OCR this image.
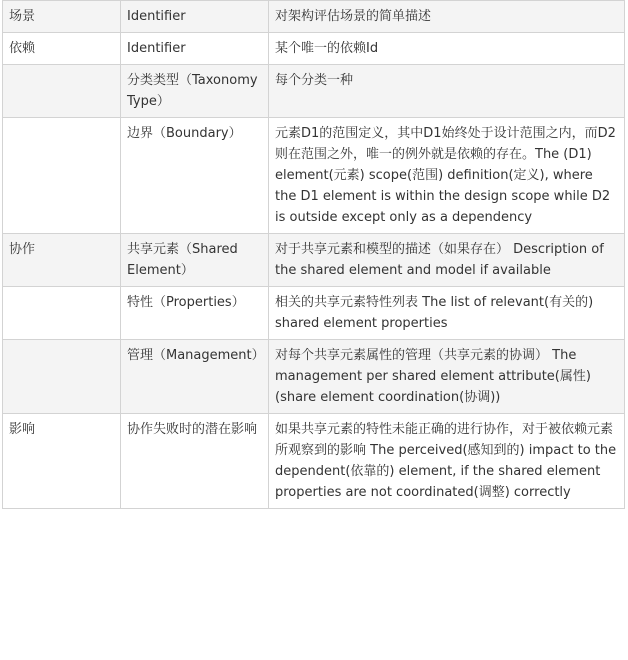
场景	Identifier	对架构评估场景的简单描述

依赖	Identifier	某个唯一的依赖Id

	分类类型（Taxonomy Type）	每个分类一种

	边界（Boundary）	元素D1的范围定义，其中D1始终处于设计范围之内，而D2则在范围之外，唯一的例外就是依赖的存在。The (D1) element(元素) scope(范围) definition(定义), where the D1 element is within the design scope while D2 is outside except only as a dependency

协作	共享元素（Shared Element）	对于共享元素和模型的描述（如果存在） Description of the shared element and model if available

	特性（Properties）	相关的共享元素特性列表 The list of relevant(有关的) shared element properties

	管理（Management）	对每个共享元素属性的管理（共享元素的协调） The management per shared element attribute(属性)(share element coordination(协调))

影响	协作失败时的潜在影响	如果共享元素的特性未能正确的进行协作，对于被依赖元素所观察到的影响 The perceived(感知到的) impact to the dependent(依靠的) element, if the shared element properties are not coordinated(调整) correctly
